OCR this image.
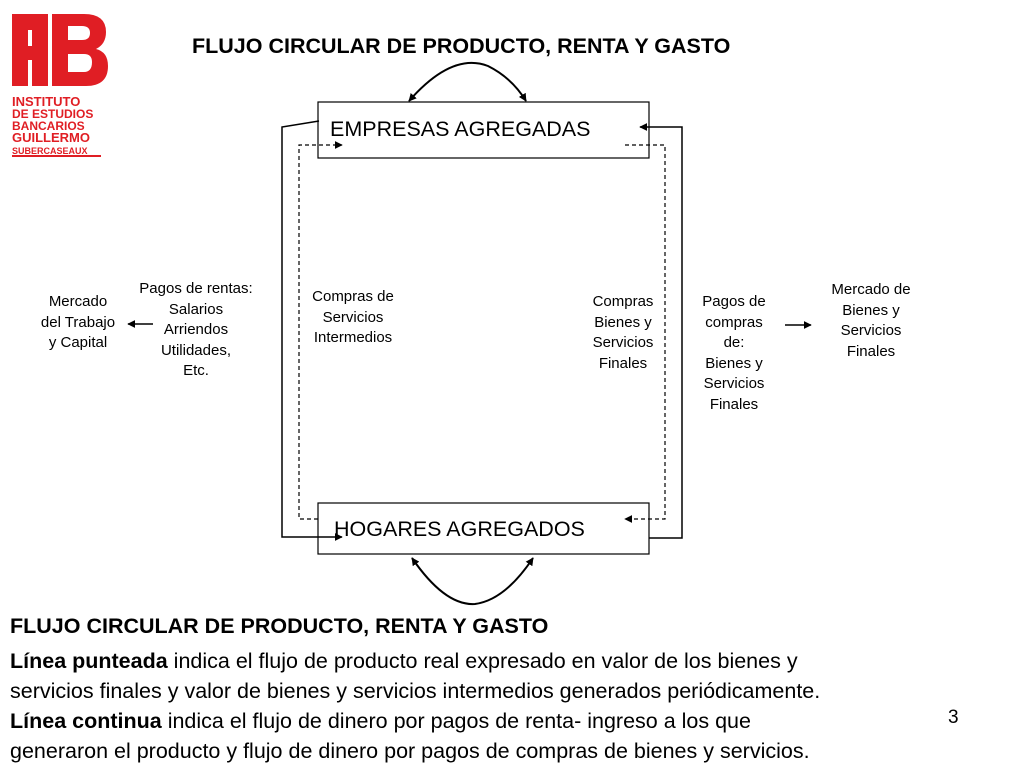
INSTITUTO
DE ESTUDIOS
BANCARIOS
GUILLERMO
SUBERCASEAUX
FLUJO CIRCULAR DE PRODUCTO, RENTA Y GASTO
EMPRESAS AGREGADAS
HOGARES AGREGADOS
Mercado
del Trabajo
y Capital
Pagos de rentas:
Salarios
Arriendos
Utilidades,
Etc.
Compras de
Servicios
Intermedios
Compras
Bienes y
Servicios
Finales
Pagos de
compras
de:
Bienes y
Servicios
Finales
Mercado de
Bienes y
Servicios
Finales
FLUJO CIRCULAR DE PRODUCTO, RENTA Y GASTO
Línea punteada indica el flujo de producto real expresado en valor de los bienes y
servicios finales y valor de bienes y servicios intermedios generados periódicamente.
Línea continua indica el flujo de dinero por pagos de renta- ingreso a los que
generaron el producto y flujo de dinero por pagos de compras de bienes y servicios.
3
